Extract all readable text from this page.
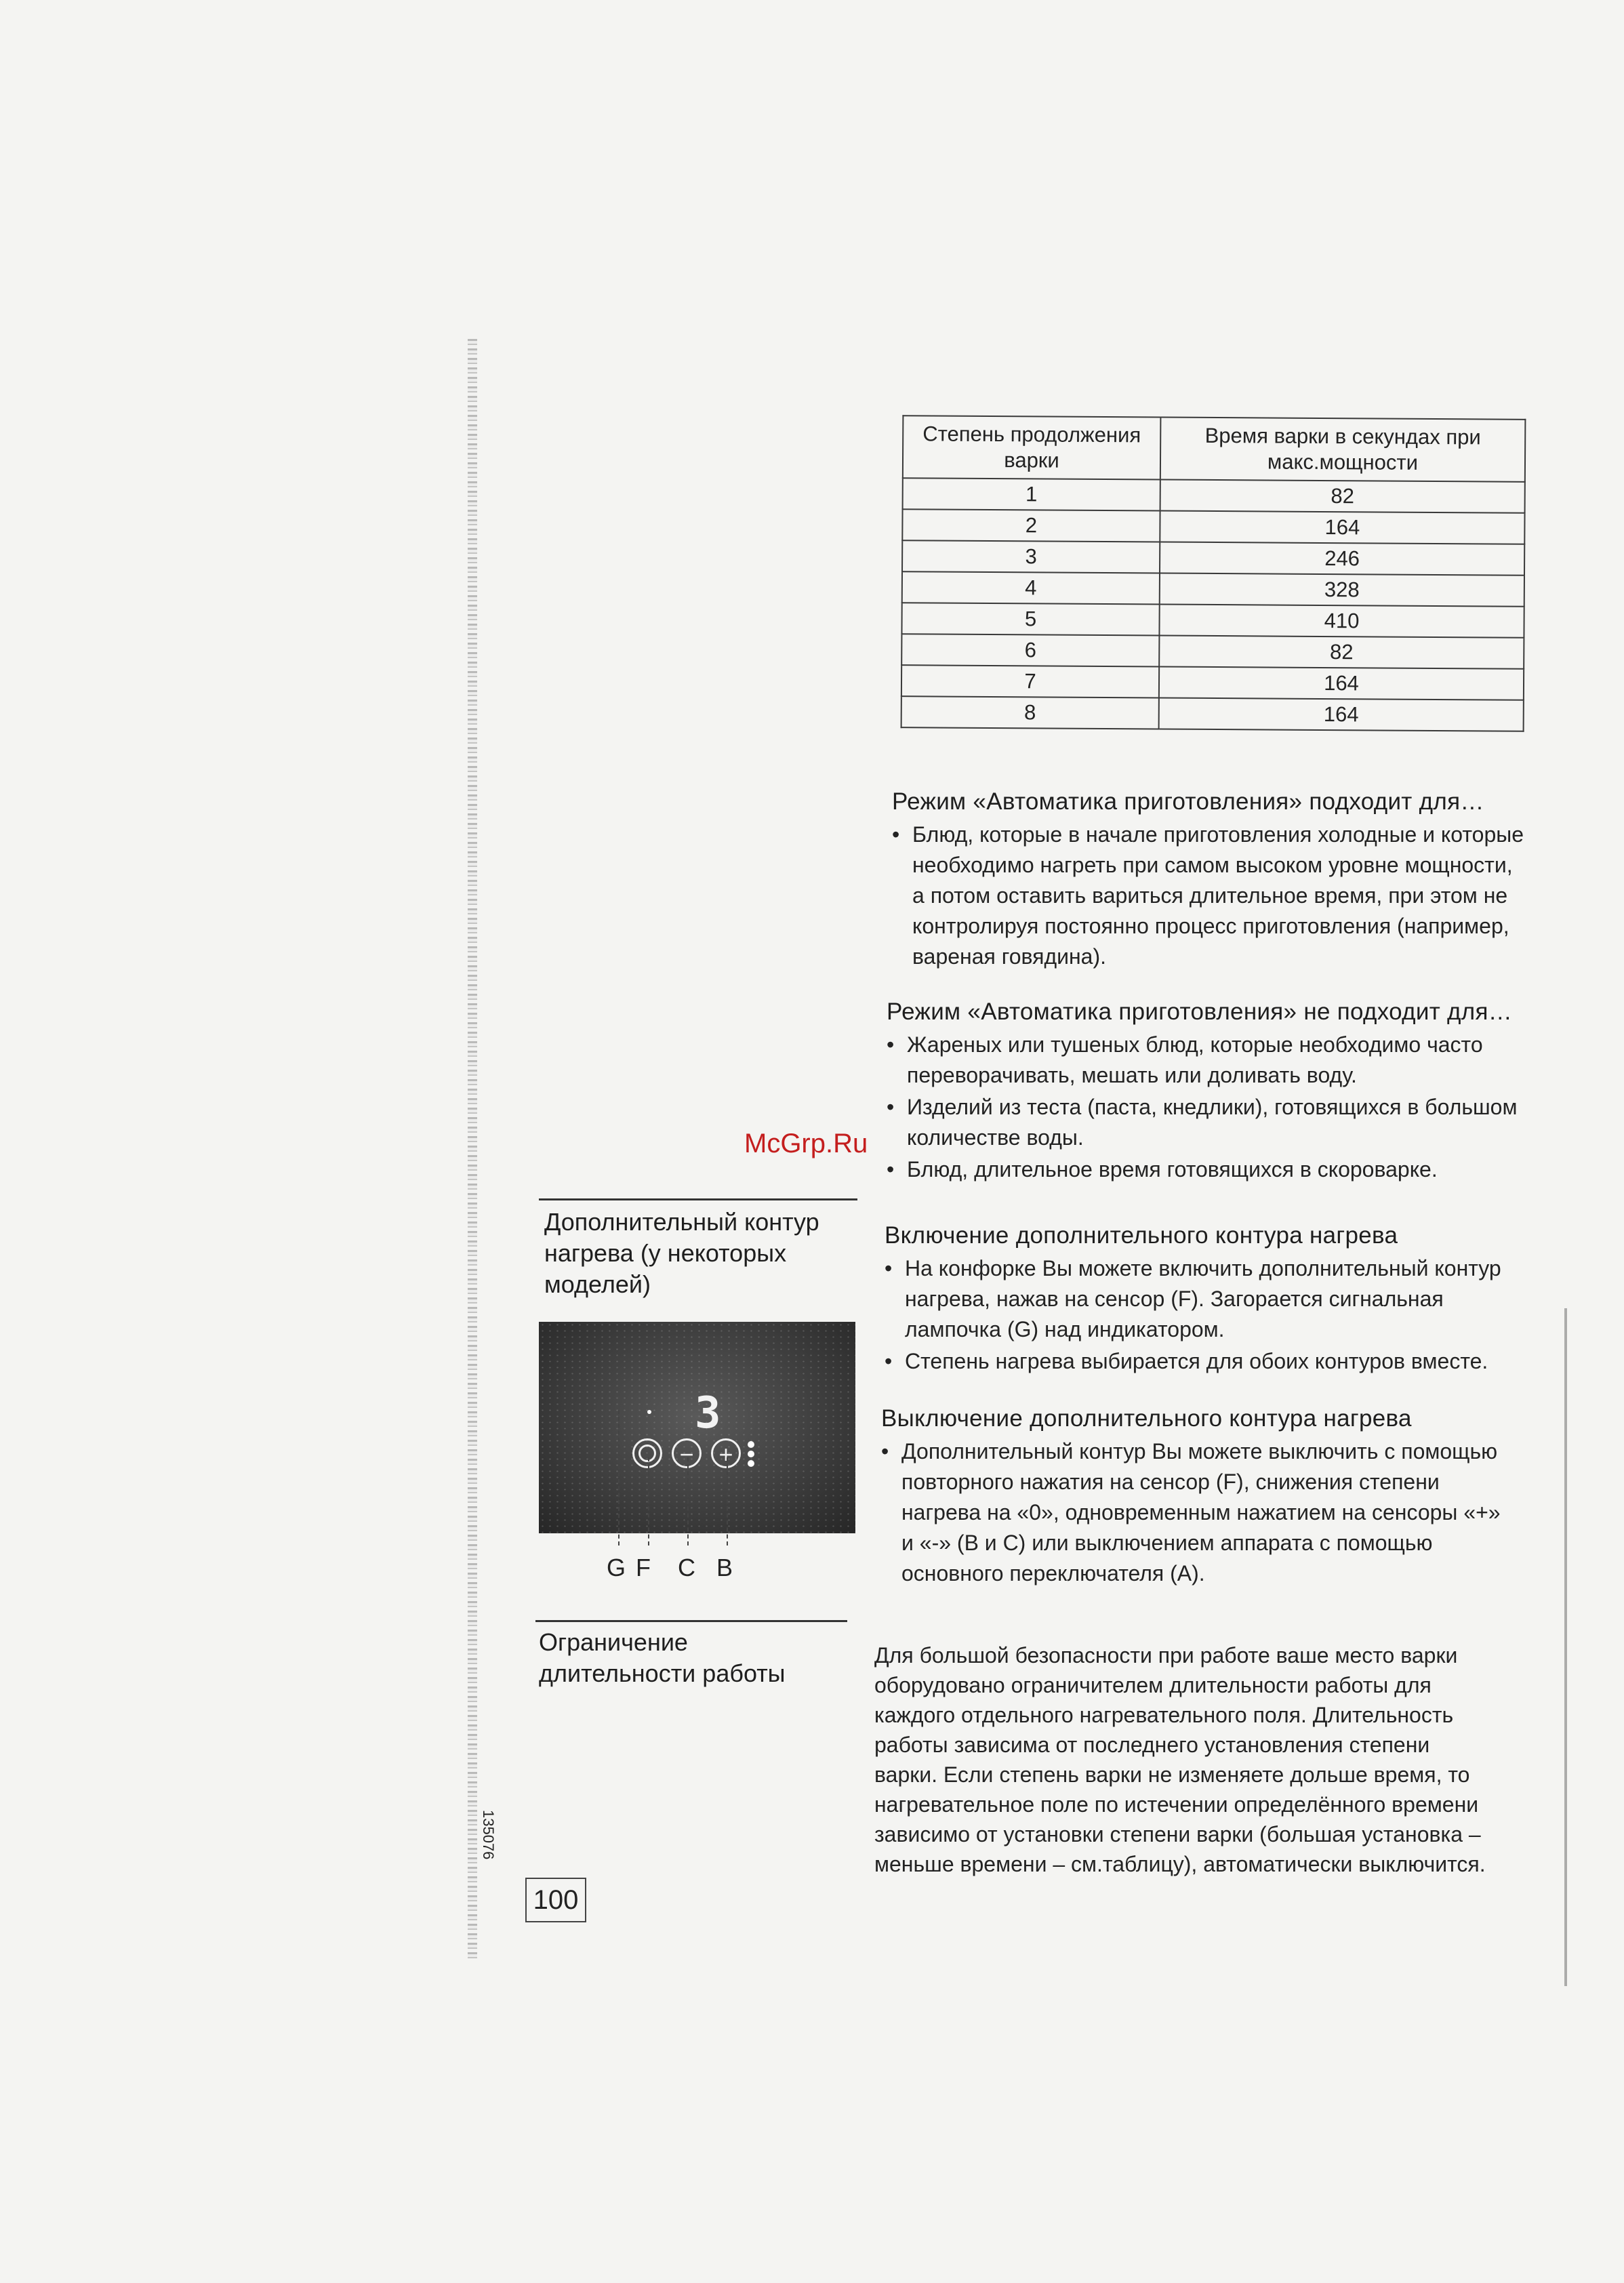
Степень продолжения варки	Время варки в секундах при макс.мощности
1	82
2	164
3	246
4	328
5	410
6	82
7	164
8	164
Режим «Автоматика приготовления» подходит для…
• Блюд, которые в начале приготовления холодные и которые необходимо нагреть при самом высоком уровне мощности, а потом оставить вариться длительное время, при этом не контролируя постоянно процесс приготовления (например, вареная говядина).
Режим «Автоматика приготовления» не подходит для…
• Жареных или тушеных блюд, которые необходимо часто переворачивать, мешать или доливать воду.
• Изделий из теста (паста, кнедлики), готовящихся в большом количестве воды.
• Блюд, длительное время готовящихся в скороварке.
McGrp.Ru
Дополнительный контур нагрева (у некоторых моделей)
Включение дополнительного контура нагрева
• На конфорке Вы можете включить дополнительный контур нагрева, нажав на сенсор (F). Загорается сигнальная лампочка (G) над индикатором.
• Степень нагрева выбирается для обоих контуров вместе.
Выключение дополнительного контура нагрева
• Дополнительный контур Вы можете выключить с помощью повторного нажатия на сенсор (F), снижения степени нагрева на «0», одновременным нажатием на сенсоры «+» и «-» (В и С) или выключением аппарата с помощью основного переключателя (А).
3
−	+
G F C B
Ограничение длительности работы
Для большой безопасности при работе ваше место варки оборудовано ограничителем длительности работы для каждого отдельного нагревательного поля. Длительность работы зависима от последнего установления степени варки. Если степень варки не изменяете дольше время, то нагревательное поле по истечении определённого времени зависимо от установки степени варки (большая установка – меньше времени – см.таблицу), автоматически выключится.
135076
100
